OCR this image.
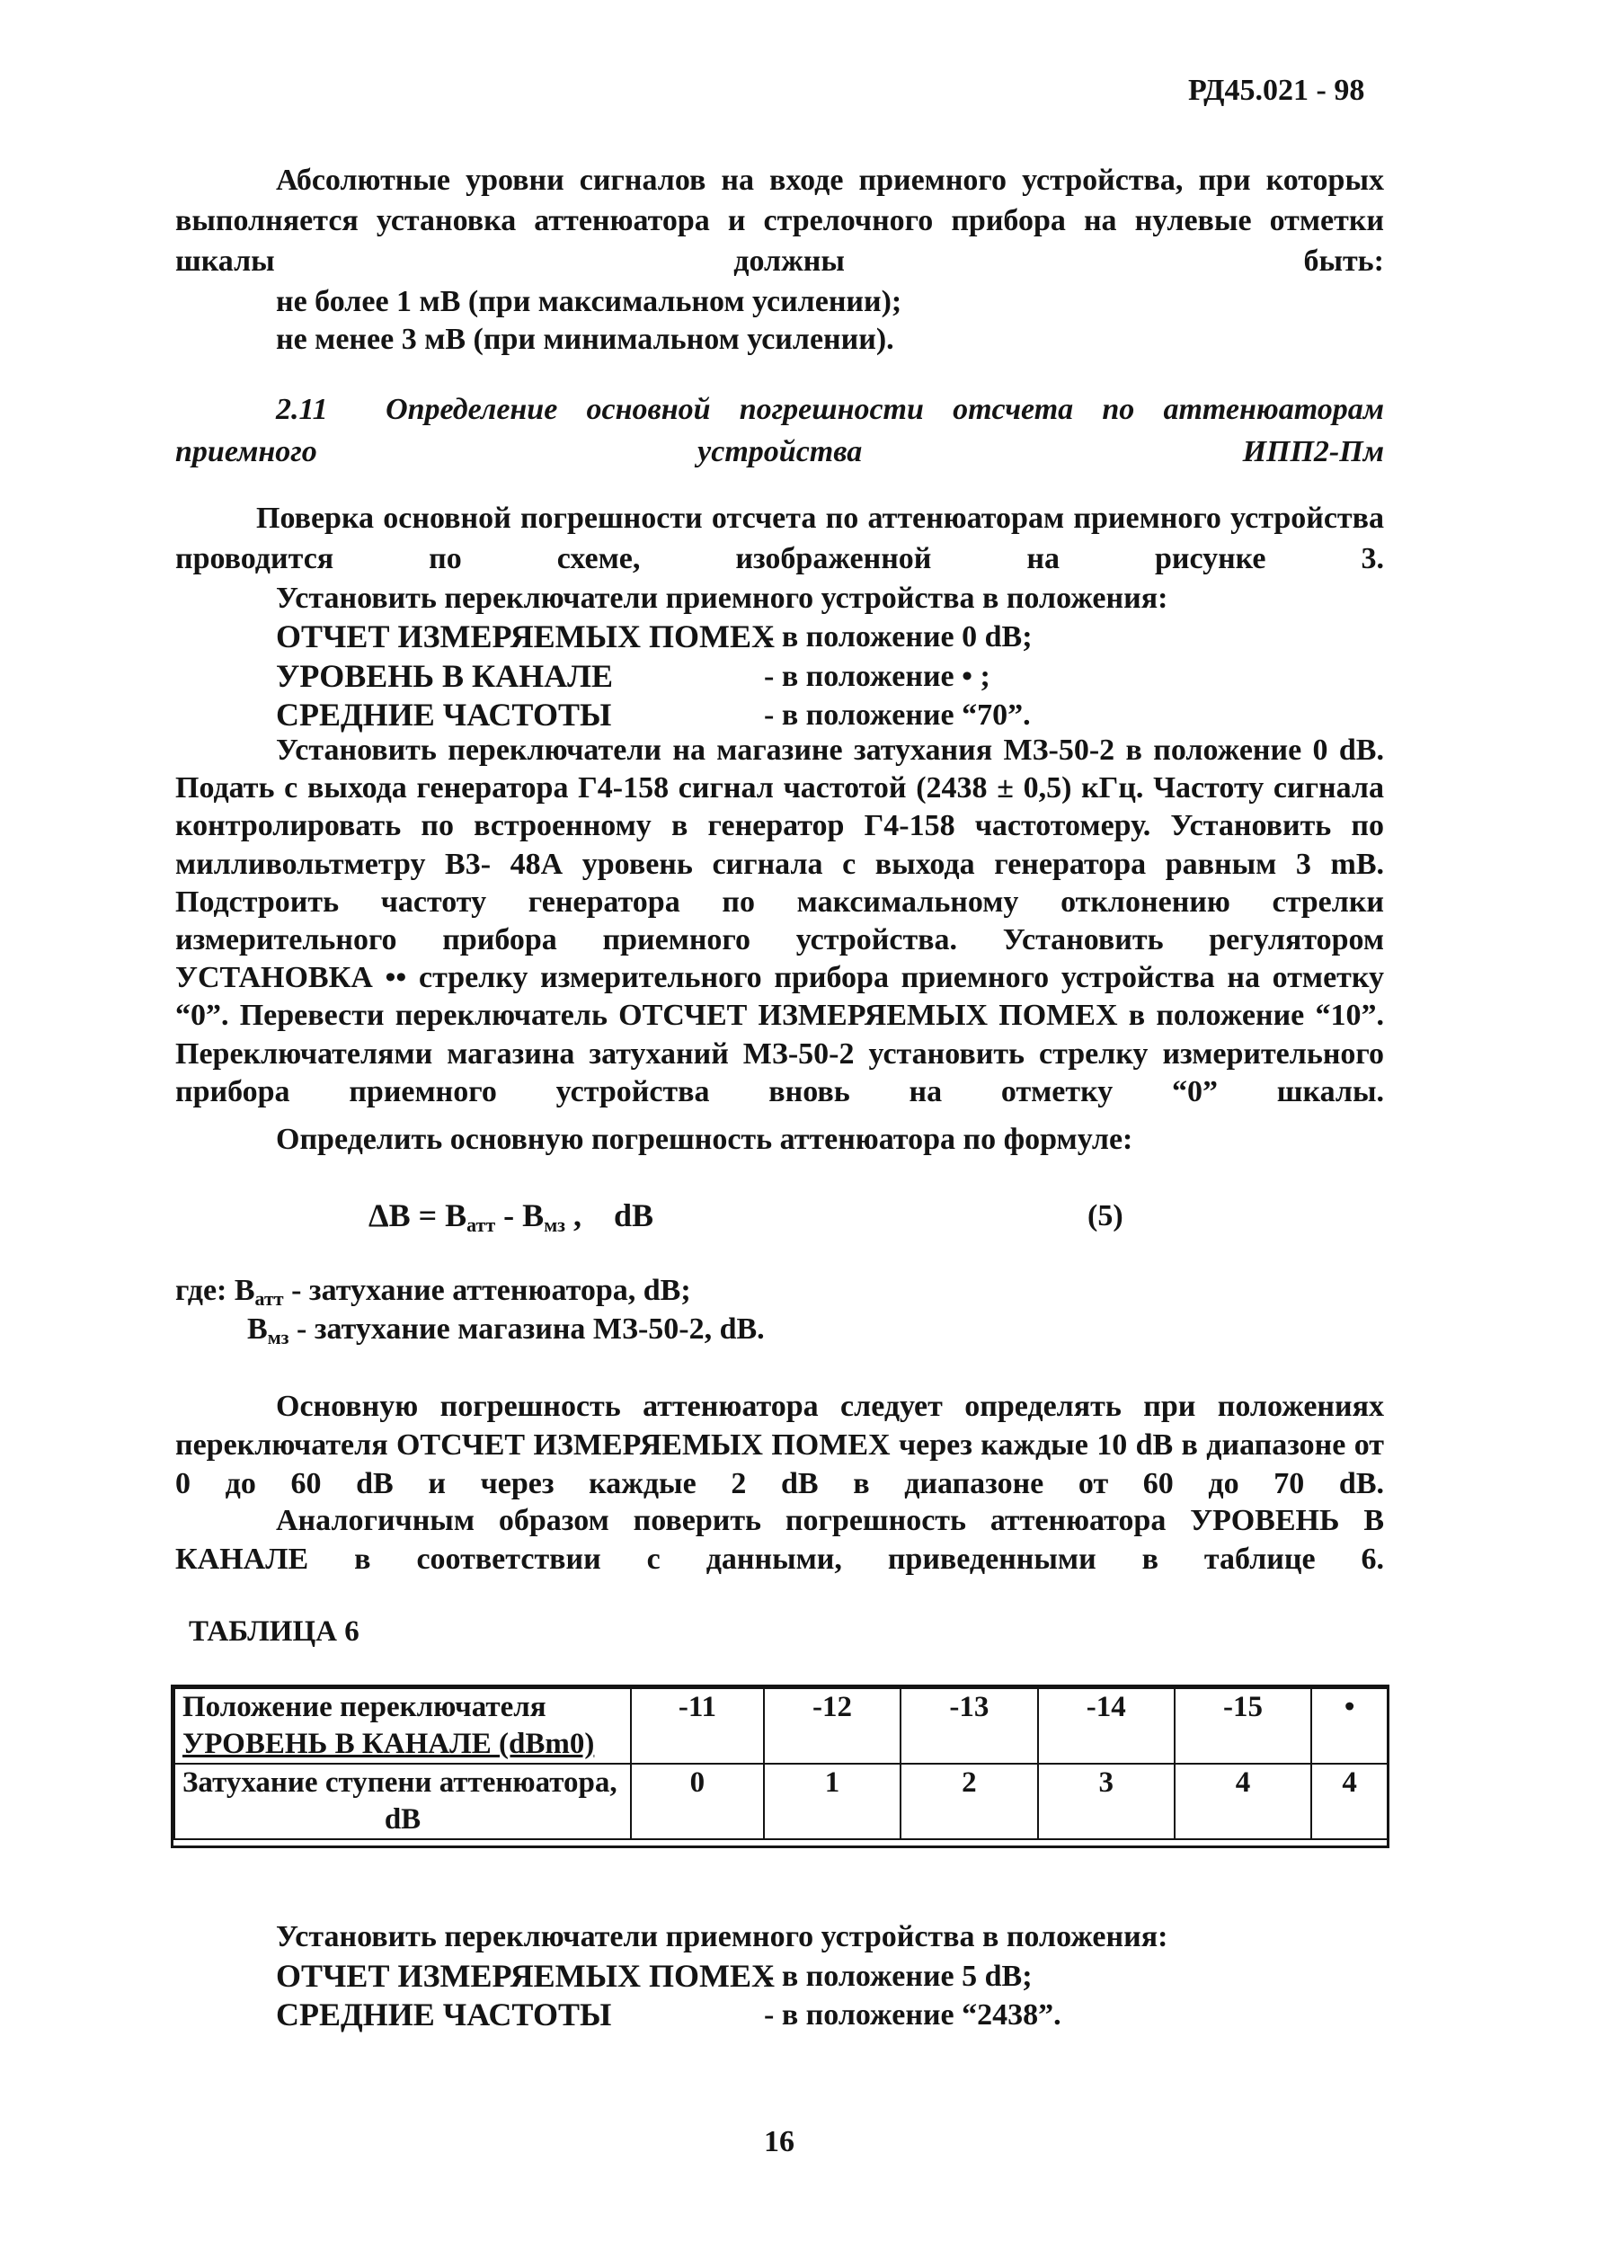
РД45.021 - 98
Абсолютные уровни сигналов на входе приемного устройства, при которых выполняется установка аттенюатора и стрелочного прибора на нулевые отметки шкалы должны быть:
не более 1 мВ (при максимальном усилении);
не менее 3 мВ (при минимальном усилении).
2.11 Определение основной погрешности отсчета по аттенюаторам приемного устройства ИПП2-Пм
Поверка основной погрешности отсчета по аттенюаторам приемного устройства проводится по схеме, изображенной на рисунке 3.
Установить переключатели приемного устройства в положения:
ОТЧЕТ ИЗМЕРЯЕМЫХ ПОМЕХ
- в положение 0 dB;
УРОВЕНЬ В КАНАЛЕ	- в положение • ;
СРЕДНИЕ ЧАСТОТЫ	- в положение “70”.
Установить переключатели на магазине затухания МЗ-50-2 в положение 0 dB. Подать с выхода генератора Г4-158 сигнал частотой (2438 ± 0,5) кГц. Частоту сигнала контролировать по встроенному в генератор Г4-158 частотомеру. Установить по милливольтметру В3- 48А уровень сигнала с выхода генератора равным 3 mB. Подстроить частоту генератора по максимальному отклонению стрелки измерительного прибора приемного устройства. Установить регулятором УСТАНОВКА •• стрелку измерительного прибора приемного устройства на отметку “0”. Перевести переключатель ОТСЧЕТ ИЗМЕРЯЕМЫХ ПОМЕХ в положение “10”. Переключателями магазина затуханий МЗ-50-2 установить стрелку измерительного прибора приемного устройства вновь на отметку “0” шкалы.
Определить основную погрешность аттенюатора по формуле:
$\Delta B = B_{атт} - B_{мз}$ ,    dB	(5)
где: $B_{атт}$ - затухание аттенюатора, dB;
$B_{мз}$ - затухание магазина МЗ-50-2, dB.
Основную погрешность аттенюатора следует определять при положениях переключателя ОТСЧЕТ ИЗМЕРЯЕМЫХ ПОМЕХ через каждые 10 dB в диапазоне от 0 до 60 dB и через каждые 2 dB в диапазоне от 60 до 70 dB.
Аналогичным образом поверить погрешность аттенюатора УРОВЕНЬ В КАНАЛЕ в соответствии с данными, приведенными в таблице 6.
ТАБЛИЦА 6
Положение переключателя
УРОВЕНЬ В КАНАЛЕ (dBm0)	-11	-12	-13	-14	-15	•

Затухание ступени аттенюатора,
dB	0	1	2	3	4	4
Установить переключатели приемного устройства в положения:
ОТЧЕТ ИЗМЕРЯЕМЫХ ПОМЕХ
- в положение 5 dB;
СРЕДНИЕ ЧАСТОТЫ	- в положение “2438”.
16
